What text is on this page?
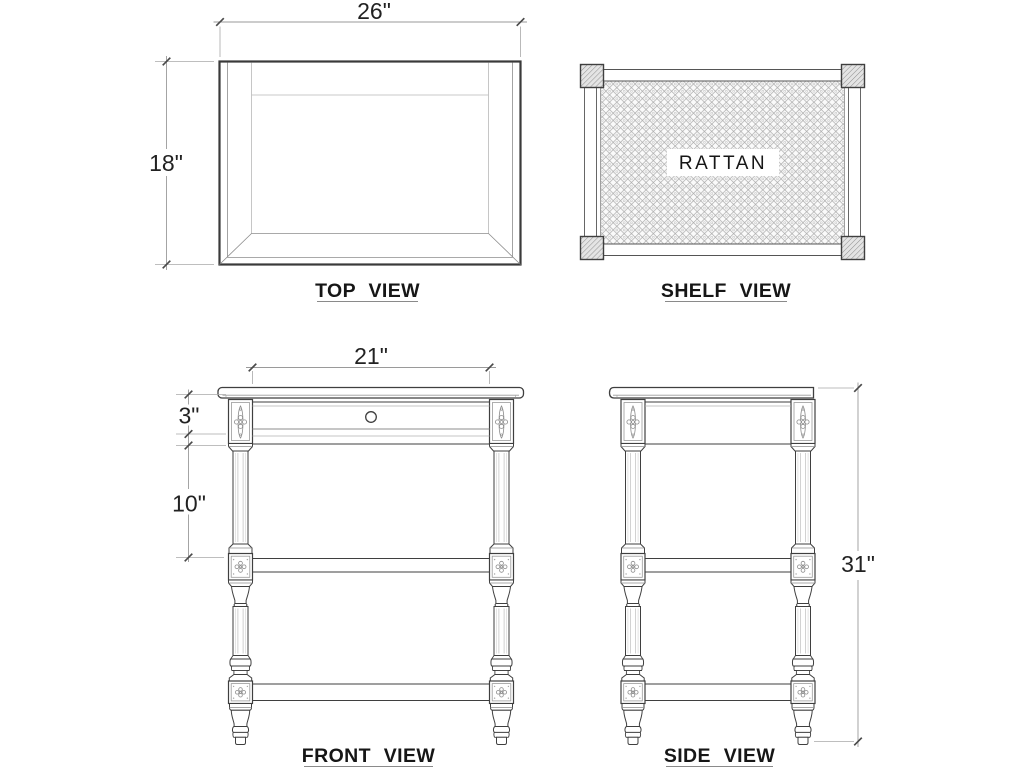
26"
18"
TOP VIEW
RATTAN
SHELF VIEW
21"
3"
10"
FRONT VIEW
31"
SIDE VIEW
